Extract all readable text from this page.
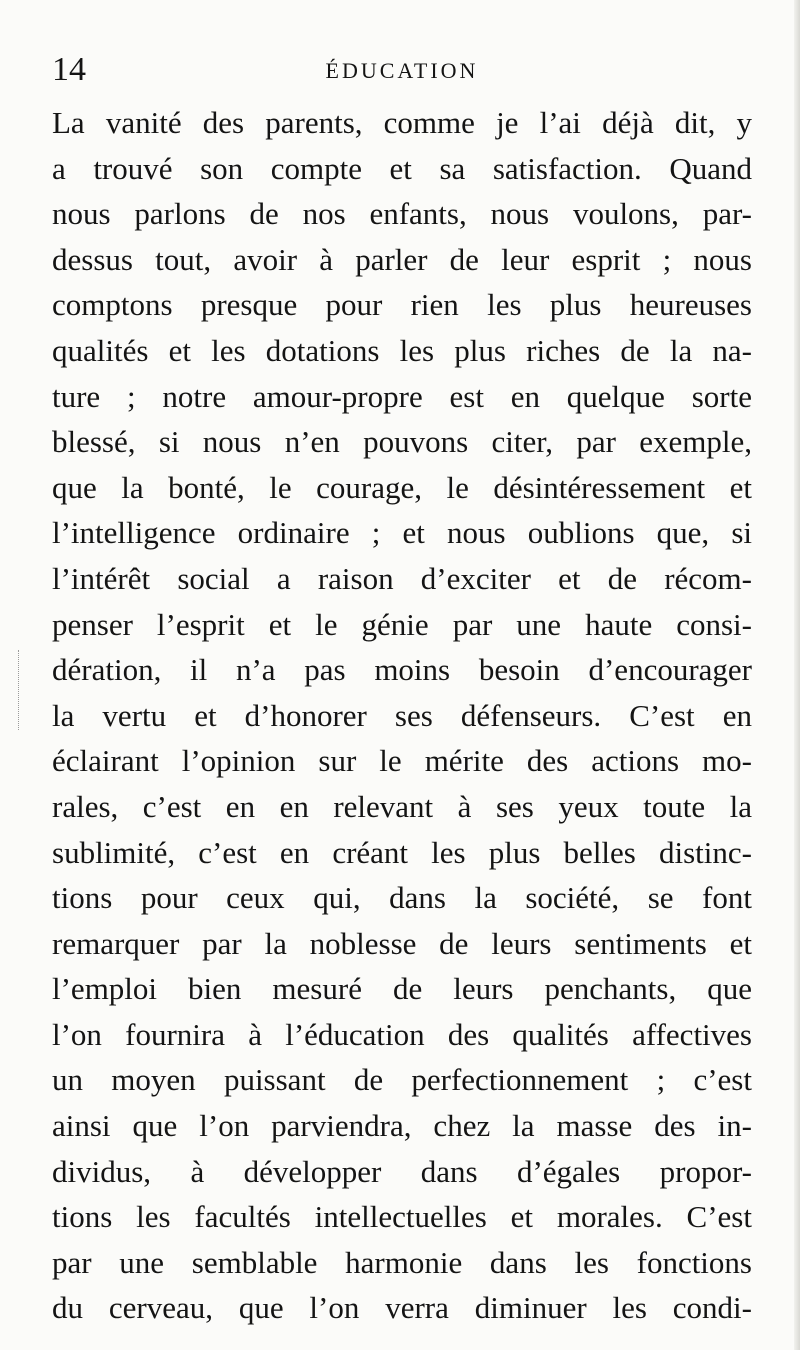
14	ÉDUCATION
La vanité des parents, comme je l’ai déjà dit, y
a trouvé son compte et sa satisfaction. Quand
nous parlons de nos enfants, nous voulons, par-
dessus tout, avoir à parler de leur esprit ; nous
comptons presque pour rien les plus heureuses
qualités et les dotations les plus riches de la na-
ture ; notre amour-propre est en quelque sorte
blessé, si nous n’en pouvons citer, par exemple,
que la bonté, le courage, le désintéressement et
l’intelligence ordinaire ; et nous oublions que, si
l’intérêt social a raison d’exciter et de récom-
penser l’esprit et le génie par une haute consi-
dération, il n’a pas moins besoin d’encourager
la vertu et d’honorer ses défenseurs. C’est en
éclairant l’opinion sur le mérite des actions mo-
rales, c’est en en relevant à ses yeux toute la
sublimité, c’est en créant les plus belles distinc-
tions pour ceux qui, dans la société, se font
remarquer par la noblesse de leurs sentiments et
l’emploi bien mesuré de leurs penchants, que
l’on fournira à l’éducation des qualités affectives
un moyen puissant de perfectionnement ; c’est
ainsi que l’on parviendra, chez la masse des in-
dividus, à développer dans d’égales propor-
tions les facultés intellectuelles et morales. C’est
par une semblable harmonie dans les fonctions
du cerveau, que l’on verra diminuer les condi-
